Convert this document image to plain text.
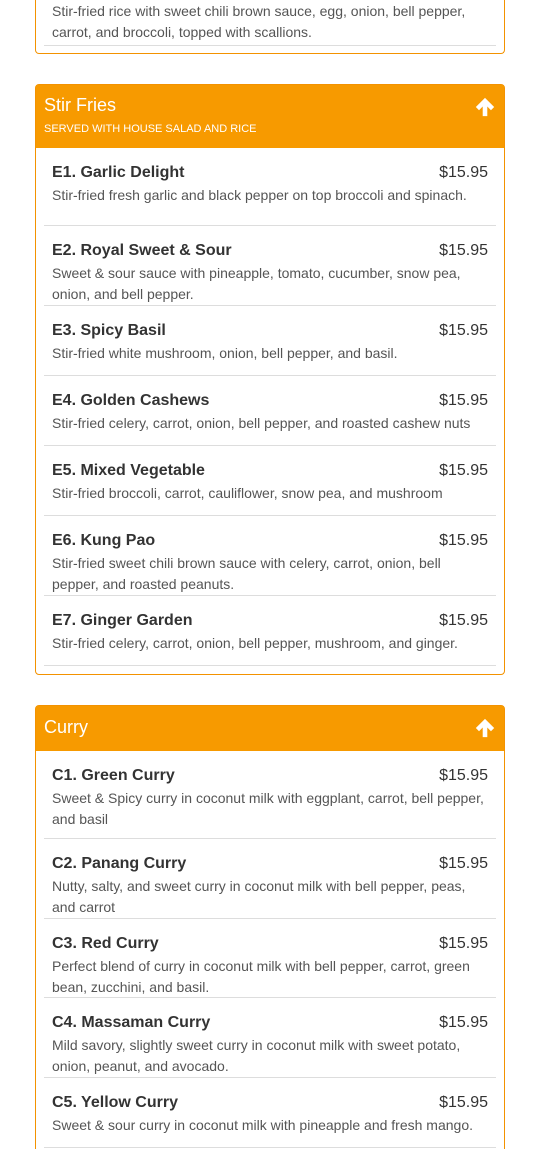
Stir-fried rice with sweet chili brown sauce, egg, onion, bell pepper, carrot, and broccoli, topped with scallions.
Stir Fries
SERVED WITH HOUSE SALAD AND RICE
E1. Garlic Delight	$15.95
Stir-fried fresh garlic and black pepper on top broccoli and spinach.
E2. Royal Sweet & Sour	$15.95
Sweet & sour sauce with pineapple, tomato, cucumber, snow pea, onion, and bell pepper.
E3. Spicy Basil	$15.95
Stir-fried white mushroom, onion, bell pepper, and basil.
E4. Golden Cashews	$15.95
Stir-fried celery, carrot, onion, bell pepper, and roasted cashew nuts
E5. Mixed Vegetable	$15.95
Stir-fried broccoli, carrot, cauliflower, snow pea, and mushroom
E6. Kung Pao	$15.95
Stir-fried sweet chili brown sauce with celery, carrot, onion, bell pepper, and roasted peanuts.
E7. Ginger Garden	$15.95
Stir-fried celery, carrot, onion, bell pepper, mushroom, and ginger.
Curry
C1. Green Curry	$15.95
Sweet & Spicy curry in coconut milk with eggplant, carrot, bell pepper, and basil
C2. Panang Curry	$15.95
Nutty, salty, and sweet curry in coconut milk with bell pepper, peas, and carrot
C3. Red Curry	$15.95
Perfect blend of curry in coconut milk with bell pepper, carrot, green bean, zucchini, and basil.
C4. Massaman Curry	$15.95
Mild savory, slightly sweet curry in coconut milk with sweet potato, onion, peanut, and avocado.
C5. Yellow Curry	$15.95
Sweet & sour curry in coconut milk with pineapple and fresh mango.
